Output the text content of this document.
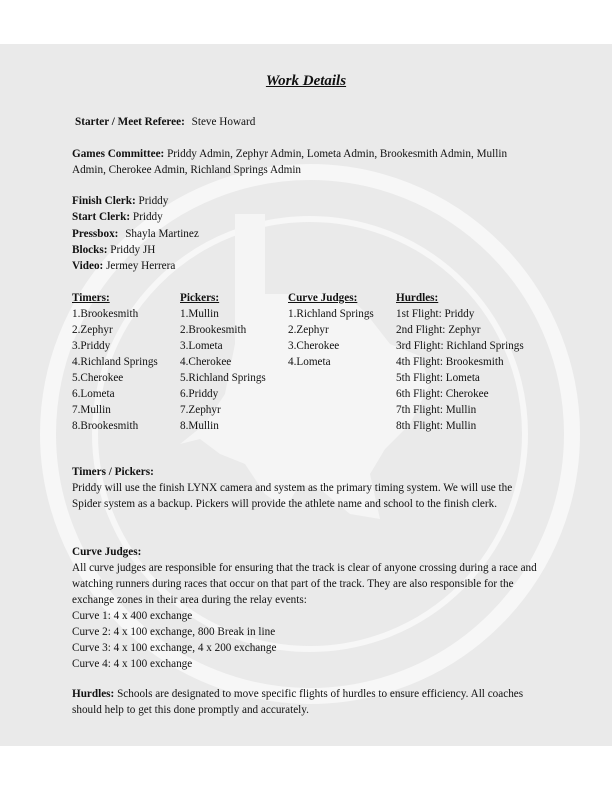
Work Details
Starter / Meet Referee: Steve Howard
Games Committee: Priddy Admin, Zephyr Admin, Lometa Admin, Brookesmith Admin, Mullin Admin, Cherokee Admin, Richland Springs Admin
Finish Clerk: Priddy
Start Clerk: Priddy
Pressbox: Shayla Martinez
Blocks: Priddy JH
Video: Jermey Herrera
Timers:
1.Brookesmith
2.Zephyr
3.Priddy
4.Richland Springs
5.Cherokee
6.Lometa
7.Mullin
8.Brookesmith
Pickers:
1.Mullin
2.Brookesmith
3.Lometa
4.Cherokee
5.Richland Springs
6.Priddy
7.Zephyr
8.Mullin
Curve Judges:
1.Richland Springs
2.Zephyr
3.Cherokee
4.Lometa
Hurdles:
1st Flight: Priddy
2nd Flight: Zephyr
3rd Flight: Richland Springs
4th Flight: Brookesmith
5th Flight: Lometa
6th Flight: Cherokee
7th Flight: Mullin
8th Flight: Mullin
Timers / Pickers:
Priddy will use the finish LYNX camera and system as the primary timing system. We will use the Spider system as a backup. Pickers will provide the athlete name and school to the finish clerk.
Curve Judges:
All curve judges are responsible for ensuring that the track is clear of anyone crossing during a race and watching runners during races that occur on that part of the track. They are also responsible for the exchange zones in their area during the relay events:
Curve 1: 4 x 400 exchange
Curve 2: 4 x 100 exchange, 800 Break in line
Curve 3: 4 x 100 exchange, 4 x 200 exchange
Curve 4: 4 x 100 exchange
Hurdles: Schools are designated to move specific flights of hurdles to ensure efficiency. All coaches should help to get this done promptly and accurately.
